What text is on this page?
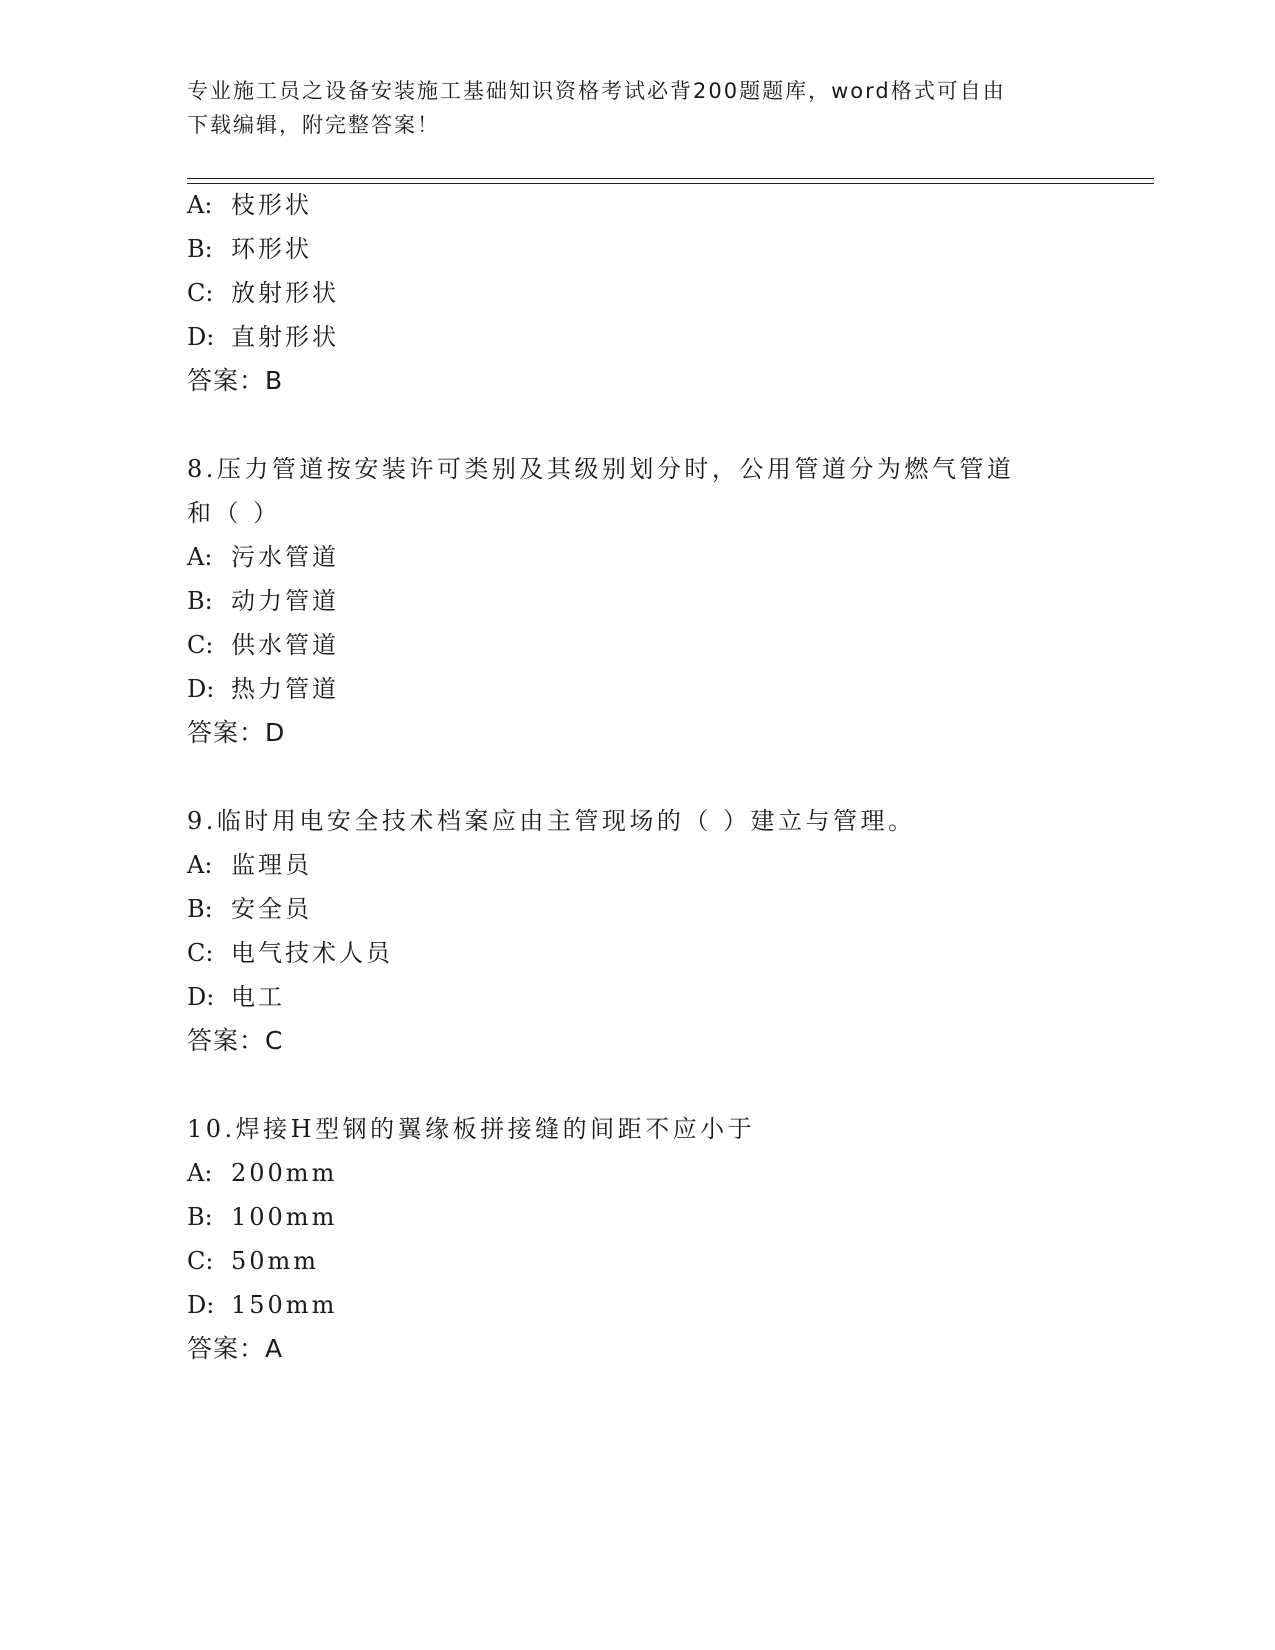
专业施工员之设备安装施工基础知识资格考试必背200题题库，word格式可自由
下载编辑，附完整答案！
A: 枝形状
B: 环形状
C: 放射形状
D: 直射形状
答案：B
8.压力管道按安装许可类别及其级别划分时，公用管道分为燃气管道
和（ ）
A: 污水管道
B: 动力管道
C: 供水管道
D: 热力管道
答案：D
9.临时用电安全技术档案应由主管现场的（ ）建立与管理。
A: 监理员
B: 安全员
C: 电气技术人员
D: 电工
答案：C
10.焊接H型钢的翼缘板拼接缝的间距不应小于
A: 200mm
B: 100mm
C: 50mm
D: 150mm
答案：A
